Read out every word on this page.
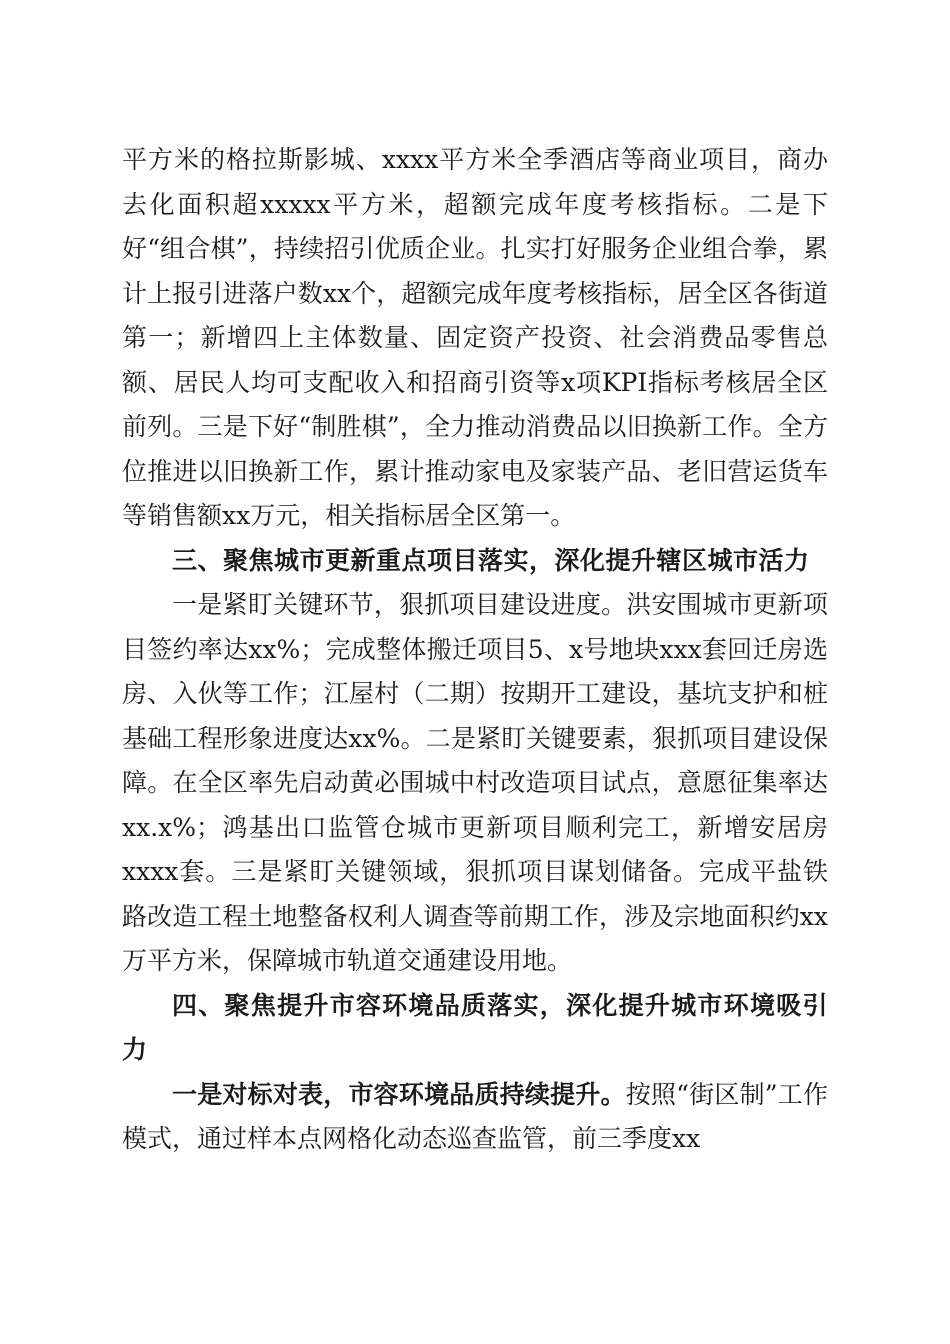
平方米的格拉斯影城、xxxx平方米全季酒店等商业项目，商办去化面积超xxxxx平方米，超额完成年度考核指标。二是下好“组合棋”，持续招引优质企业。扎实打好服务企业组合拳，累计上报引进落户数xx个，超额完成年度考核指标，居全区各街道第一；新增四上主体数量、固定资产投资、社会消费品零售总额、居民人均可支配收入和招商引资等x项KPI指标考核居全区前列。三是下好“制胜棋”，全力推动消费品以旧换新工作。全方位推进以旧换新工作，累计推动家电及家装产品、老旧营运货车等销售额xx万元，相关指标居全区第一。

三、聚焦城市更新重点项目落实，深化提升辖区城市活力

一是紧盯关键环节，狠抓项目建设进度。洪安围城市更新项目签约率达xx%；完成整体搬迁项目5、x号地块xxx套回迁房选房、入伙等工作；江屋村（二期）按期开工建设，基坑支护和桩基础工程形象进度达xx%。二是紧盯关键要素，狠抓项目建设保障。在全区率先启动黄必围城中村改造项目试点，意愿征集率达xx.x%；鸿基出口监管仓城市更新项目顺利完工，新增安居房xxxx套。三是紧盯关键领域，狠抓项目谋划储备。完成平盐铁路改造工程土地整备权利人调查等前期工作，涉及宗地面积约xx万平方米，保障城市轨道交通建设用地。

四、聚焦提升市容环境品质落实，深化提升城市环境吸引力

一是对标对表，市容环境品质持续提升。按照“街区制”工作模式，通过样本点网格化动态巡查监管，前三季度xx
